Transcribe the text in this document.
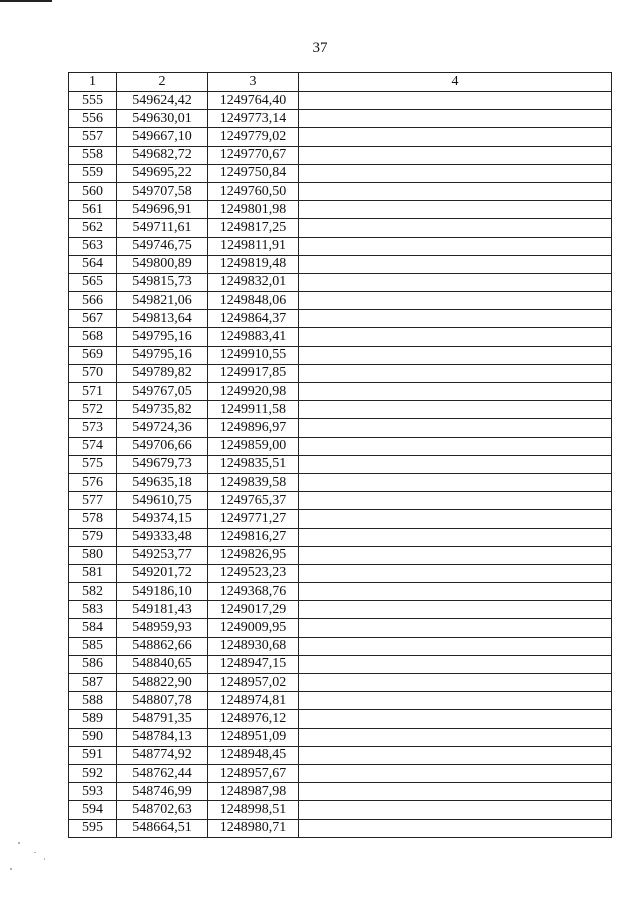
37
1	2	3	4
555	549624,42	1249764,40	
556	549630,01	1249773,14	
557	549667,10	1249779,02	
558	549682,72	1249770,67	
559	549695,22	1249750,84	
560	549707,58	1249760,50	
561	549696,91	1249801,98	
562	549711,61	1249817,25	
563	549746,75	1249811,91	
564	549800,89	1249819,48	
565	549815,73	1249832,01	
566	549821,06	1249848,06	
567	549813,64	1249864,37	
568	549795,16	1249883,41	
569	549795,16	1249910,55	
570	549789,82	1249917,85	
571	549767,05	1249920,98	
572	549735,82	1249911,58	
573	549724,36	1249896,97	
574	549706,66	1249859,00	
575	549679,73	1249835,51	
576	549635,18	1249839,58	
577	549610,75	1249765,37	
578	549374,15	1249771,27	
579	549333,48	1249816,27	
580	549253,77	1249826,95	
581	549201,72	1249523,23	
582	549186,10	1249368,76	
583	549181,43	1249017,29	
584	548959,93	1249009,95	
585	548862,66	1248930,68	
586	548840,65	1248947,15	
587	548822,90	1248957,02	
588	548807,78	1248974,81	
589	548791,35	1248976,12	
590	548784,13	1248951,09	
591	548774,92	1248948,45	
592	548762,44	1248957,67	
593	548746,99	1248987,98	
594	548702,63	1248998,51	
595	548664,51	1248980,71	
